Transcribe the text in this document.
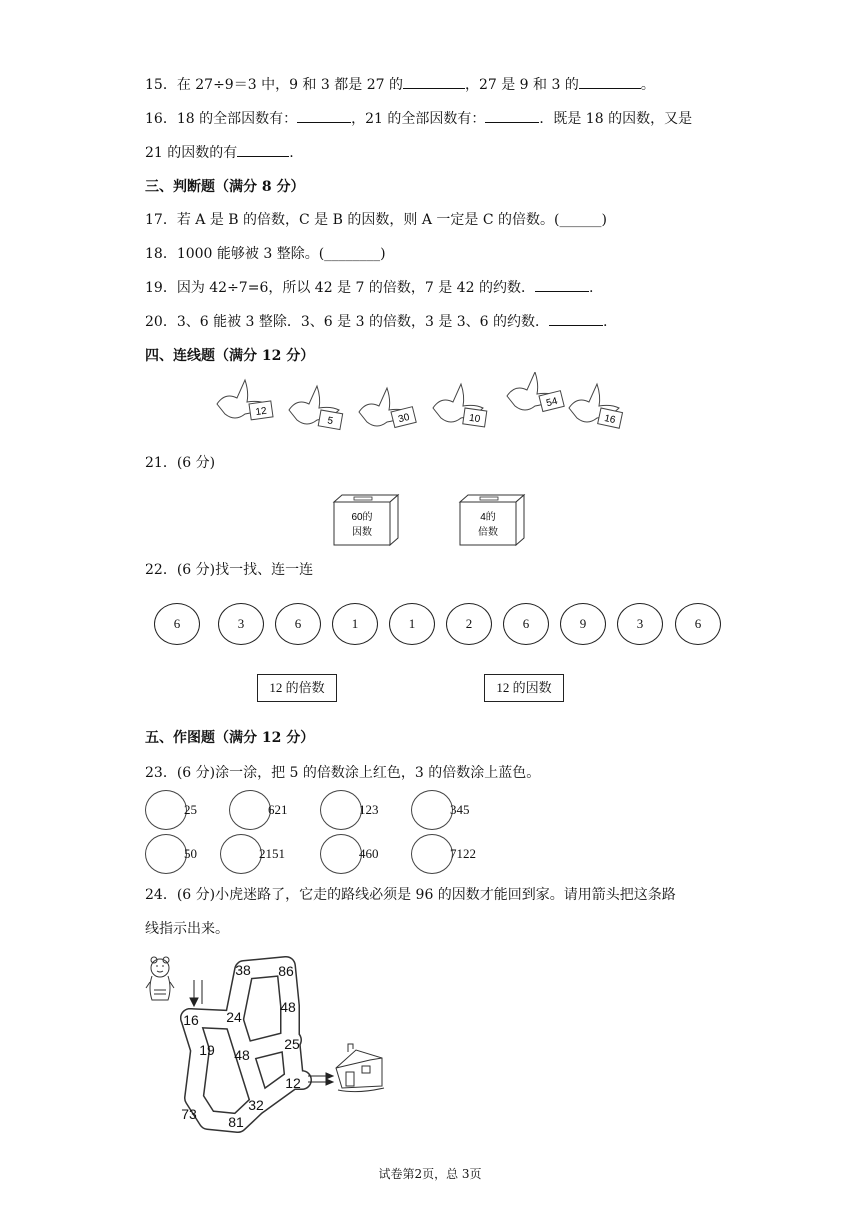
15．在 27÷9＝3 中，9 和 3 都是 27 的	，27 是 9 和 3 的	。
16．18 的全部因数有：	，21 的全部因数有：	．既是 18 的因数，又是
21 的因数的有	.
三、判断题（满分 8 分）
17．若 A 是 B 的倍数，C 是 B 的因数，则 A 一定是 C 的倍数。(______)
18．1000 能够被 3 整除。(________)
19．因为 42÷7=6，所以 42 是 7 的倍数，7 是 42 的约数．	.
20．3、6 能被 3 整除．3、6 是 3 的倍数，3 是 3、6 的约数．	.
四、连线题（满分 12 分）
12
5	30	10
54
16
21．(6 分)
60的
因数
4的
倍数
22．(6 分)找一找、连一连
6	3	6	1	1	2	6	9	3	6
12 的倍数	12 的因数
五、作图题（满分 12 分）
23．(6 分)涂一涂，把 5 的倍数涂上红色，3 的倍数涂上蓝色。
25	621	123	345
50	2151	460	7122
24．(6 分)小虎迷路了，它走的路线必须是 96 的因数才能回到家。请用箭头把这条路
线指示出来。
38 86
48
16 24
19 48
25
12
32
73 81
试卷第2页，总 3页
